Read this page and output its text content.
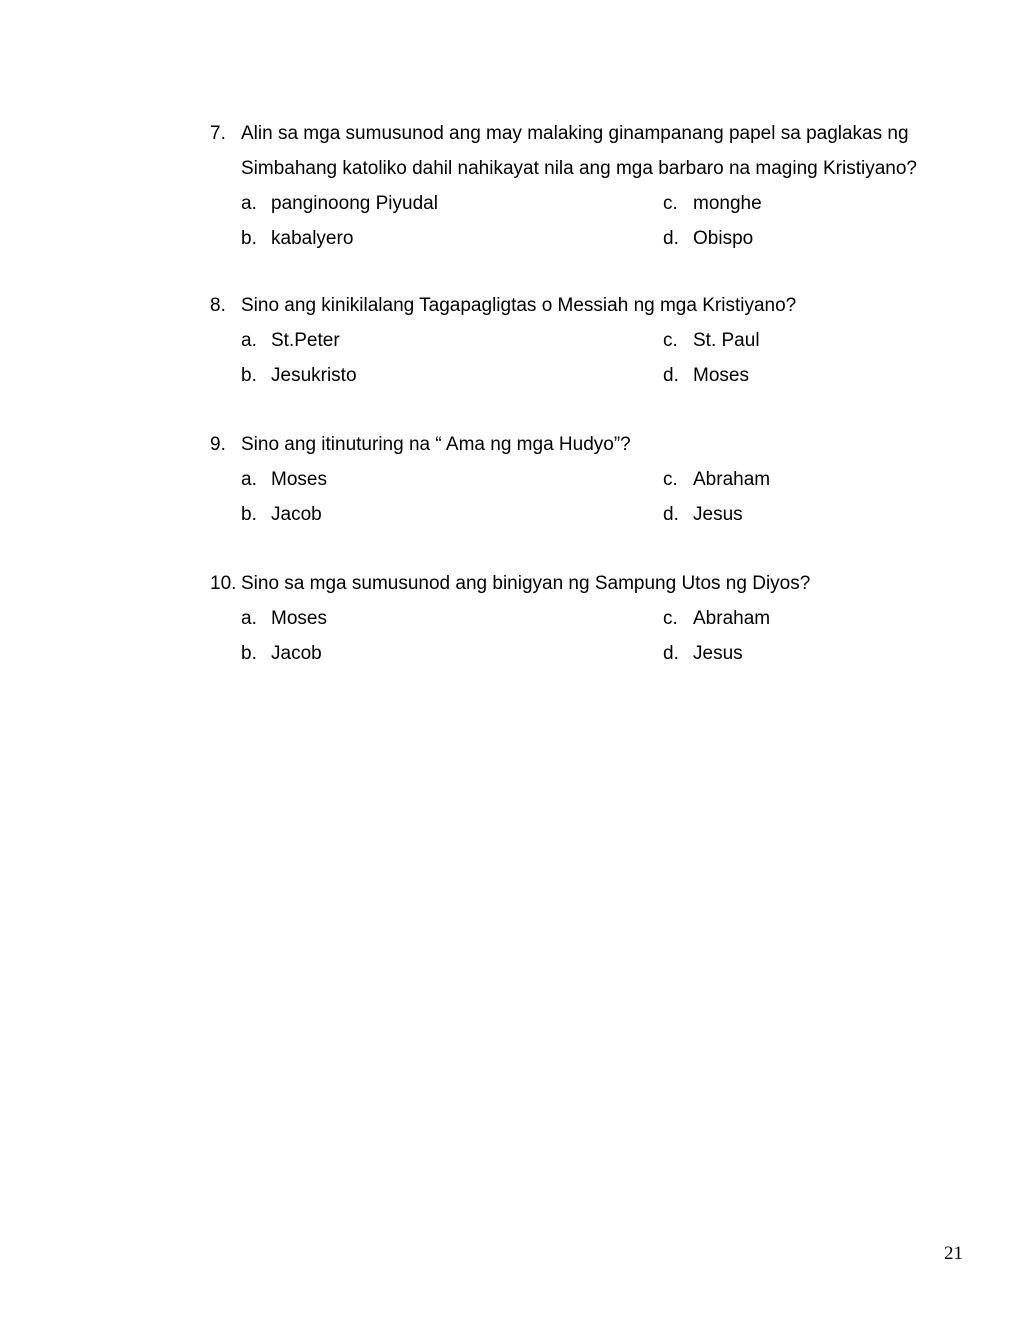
7. Alin sa mga sumusunod ang may malaking ginampanang papel sa paglakas ng
Simbahang katoliko dahil nahikayat nila ang mga barbaro na maging Kristiyano?
a. panginoong Piyudal	c. monghe
b. kabalyero	d. Obispo
8. Sino ang kinikilalang Tagapagligtas o Messiah ng mga Kristiyano?
a. St.Peter	c. St. Paul
b. Jesukristo	d. Moses
9. Sino ang itinuturing na “ Ama ng mga Hudyo”?
a. Moses	c. Abraham
b. Jacob	d. Jesus
10. Sino sa mga sumusunod ang binigyan ng Sampung Utos ng Diyos?
a. Moses	c. Abraham
b. Jacob	d. Jesus
21
